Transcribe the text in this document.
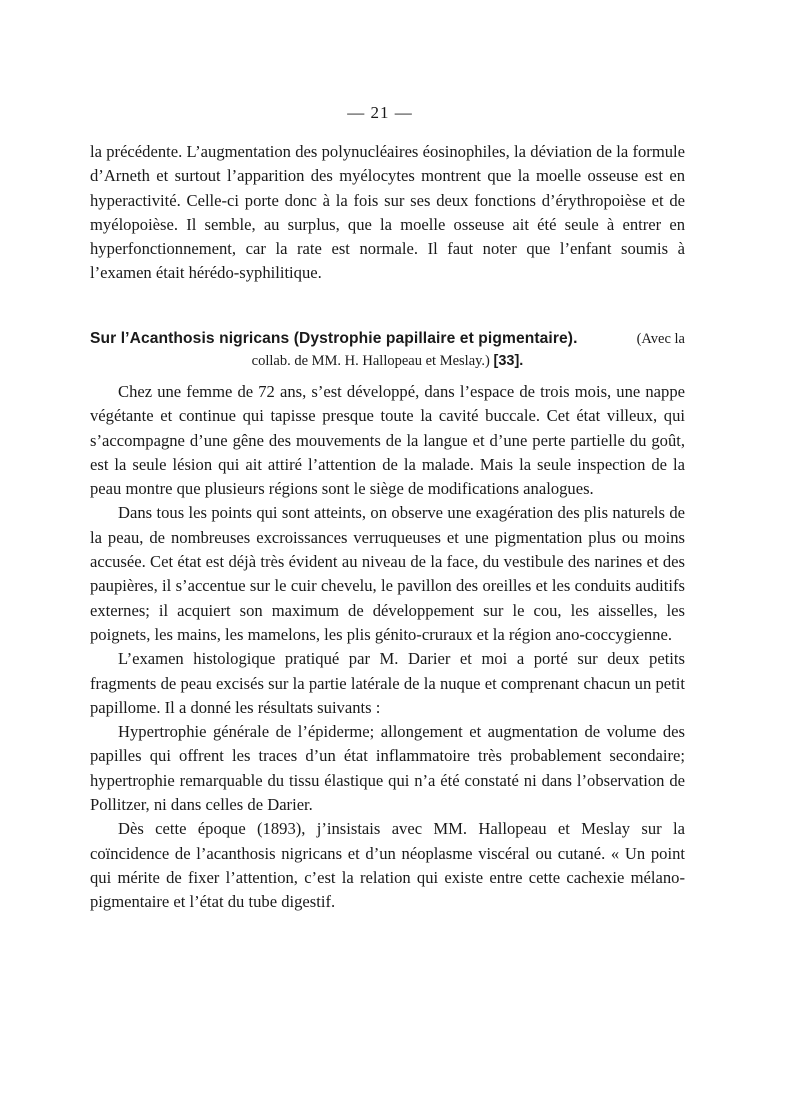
— 21 —

la précédente. L’augmentation des polynucléaires éosinophiles, la déviation de la formule d’Arneth et surtout l’apparition des myélocytes montrent que la moelle osseuse est en hyperactivité. Celle-ci porte donc à la fois sur ses deux fonctions d’érythropoièse et de myélopoièse. Il semble, au surplus, que la moelle osseuse ait été seule à entrer en hyperfonctionnement, car la rate est normale. Il faut noter que l’enfant soumis à l’examen était hérédo-syphilitique.

Sur l’Acanthosis nigricans (Dystrophie papillaire et pigmentaire).	(Avec la
collab. de MM. H. Hallopeau et Meslay.) [33].

Chez une femme de 72 ans, s’est développé, dans l’espace de trois mois, une nappe végétante et continue qui tapisse presque toute la cavité buccale. Cet état villeux, qui s’accompagne d’une gêne des mouvements de la langue et d’une perte partielle du goût, est la seule lésion qui ait attiré l’attention de la malade. Mais la seule inspection de la peau montre que plusieurs régions sont le siège de modifications analogues.

Dans tous les points qui sont atteints, on observe une exagération des plis naturels de la peau, de nombreuses excroissances verruqueuses et une pigmentation plus ou moins accusée. Cet état est déjà très évident au niveau de la face, du vestibule des narines et des paupières, il s’accentue sur le cuir chevelu, le pavillon des oreilles et les conduits auditifs externes; il acquiert son maximum de développement sur le cou, les aisselles, les poignets, les mains, les mamelons, les plis génito-cruraux et la région ano-coccygienne.

L’examen histologique pratiqué par M. Darier et moi a porté sur deux petits fragments de peau excisés sur la partie latérale de la nuque et comprenant chacun un petit papillome. Il a donné les résultats suivants :

Hypertrophie générale de l’épiderme; allongement et augmentation de volume des papilles qui offrent les traces d’un état inflammatoire très probablement secondaire; hypertrophie remarquable du tissu élastique qui n’a été constaté ni dans l’observation de Pollitzer, ni dans celles de Darier.

Dès cette époque (1893), j’insistais avec MM. Hallopeau et Meslay sur la coïncidence de l’acanthosis nigricans et d’un néoplasme viscéral ou cutané. « Un point qui mérite de fixer l’attention, c’est la relation qui existe entre cette cachexie mélano-pigmentaire et l’état du tube digestif.
